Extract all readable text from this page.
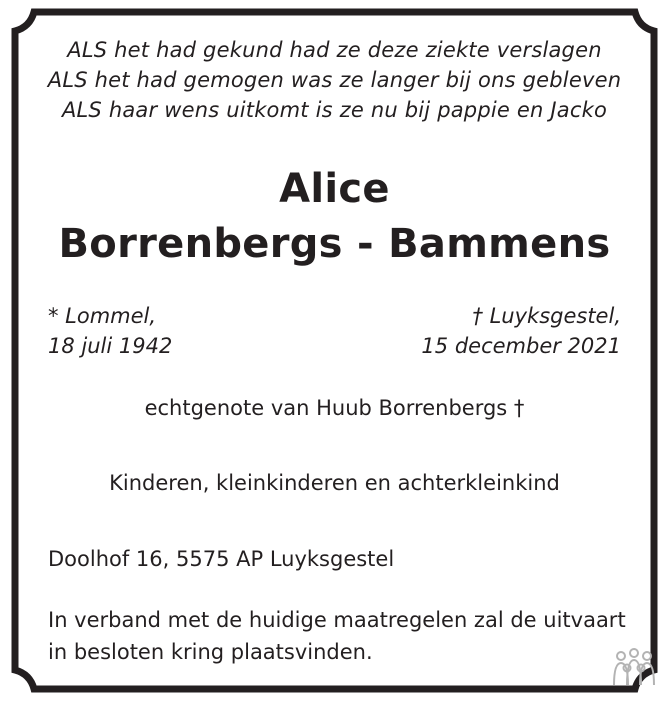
ALS het had gekund had ze deze ziekte verslagen
ALS het had gemogen was ze langer bij ons gebleven
ALS haar wens uitkomt is ze nu bij pappie en Jacko
Alice
Borrenbergs - Bammens
* Lommel,
18 juli 1942
† Luyksgestel,
15 december 2021
echtgenote van Huub Borrenbergs †
Kinderen, kleinkinderen en achterkleinkind
Doolhof 16, 5575 AP Luyksgestel
In verband met de huidige maatregelen zal de uitvaart
in besloten kring plaatsvinden.
